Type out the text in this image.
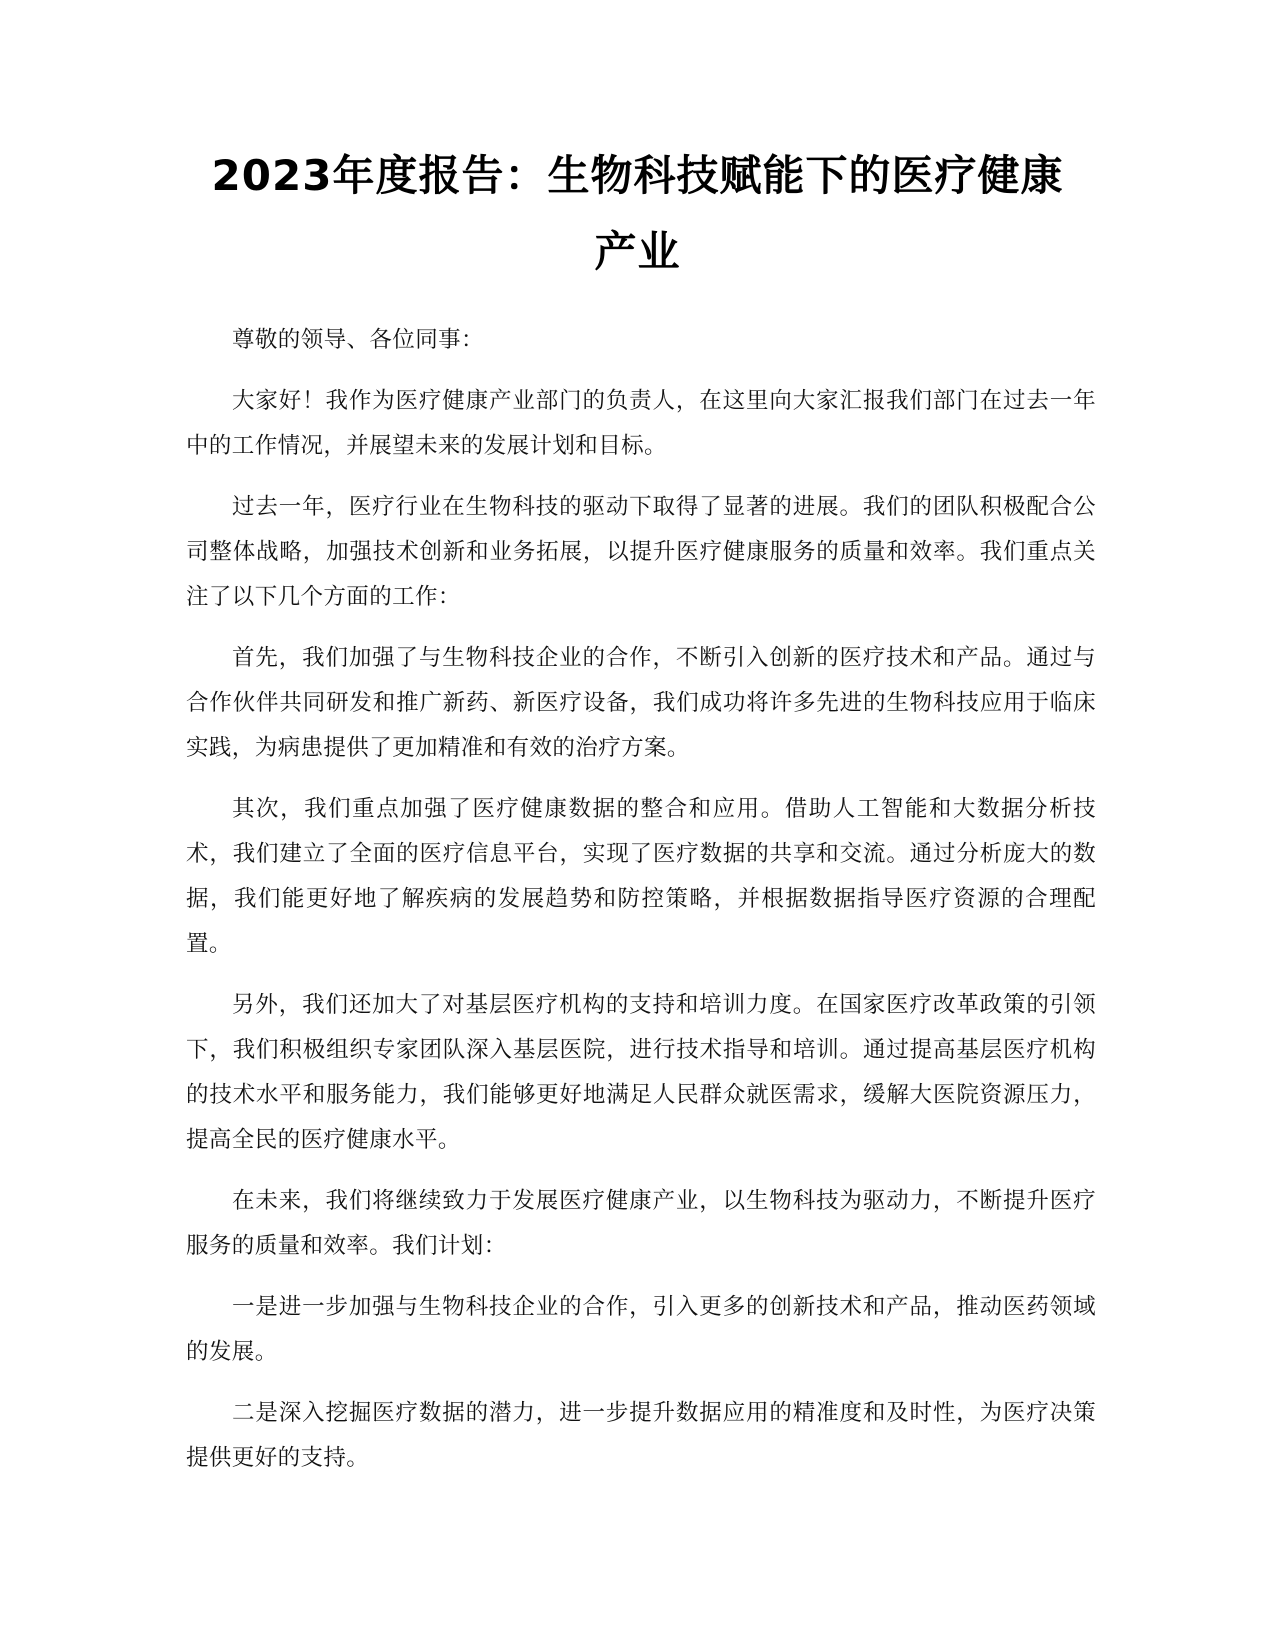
2023年度报告：生物科技赋能下的医疗健康
产业

尊敬的领导、各位同事：

大家好！我作为医疗健康产业部门的负责人，在这里向大家汇报我们部门在过去一年中的工作情况，并展望未来的发展计划和目标。

过去一年，医疗行业在生物科技的驱动下取得了显著的进展。我们的团队积极配合公司整体战略，加强技术创新和业务拓展，以提升医疗健康服务的质量和效率。我们重点关注了以下几个方面的工作：

首先，我们加强了与生物科技企业的合作，不断引入创新的医疗技术和产品。通过与合作伙伴共同研发和推广新药、新医疗设备，我们成功将许多先进的生物科技应用于临床实践，为病患提供了更加精准和有效的治疗方案。

其次，我们重点加强了医疗健康数据的整合和应用。借助人工智能和大数据分析技术，我们建立了全面的医疗信息平台，实现了医疗数据的共享和交流。通过分析庞大的数据，我们能更好地了解疾病的发展趋势和防控策略，并根据数据指导医疗资源的合理配置。

另外，我们还加大了对基层医疗机构的支持和培训力度。在国家医疗改革政策的引领下，我们积极组织专家团队深入基层医院，进行技术指导和培训。通过提高基层医疗机构的技术水平和服务能力，我们能够更好地满足人民群众就医需求，缓解大医院资源压力，提高全民的医疗健康水平。

在未来，我们将继续致力于发展医疗健康产业，以生物科技为驱动力，不断提升医疗服务的质量和效率。我们计划：

一是进一步加强与生物科技企业的合作，引入更多的创新技术和产品，推动医药领域的发展。

二是深入挖掘医疗数据的潜力，进一步提升数据应用的精准度和及时性，为医疗决策提供更好的支持。
